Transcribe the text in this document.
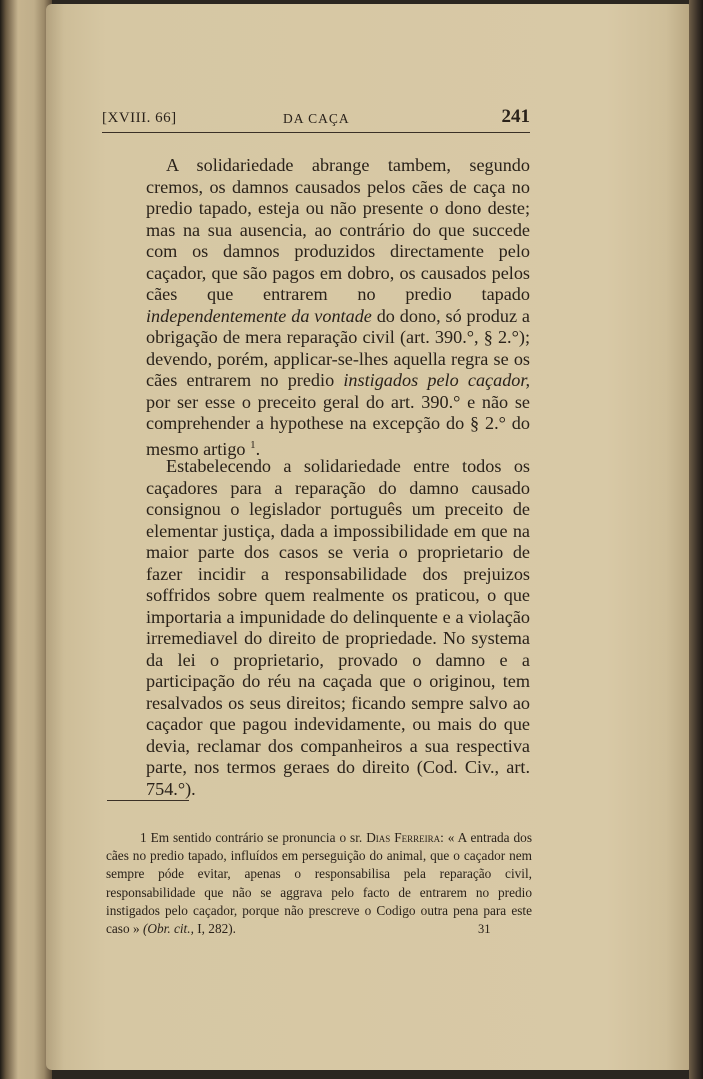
[XVIII. 66]	DA CAÇA	241

A solidariedade abrange tambem, segundo cremos, os damnos causados pelos cães de caça no predio tapado, esteja ou não presente o dono deste; mas na sua ausencia, ao contrário do que succede com os damnos produzidos directamente pelo caçador, que são pagos em dobro, os causados pelos cães que entrarem no predio tapado independentemente da vontade do dono, só produz a obrigação de mera reparação civil (art. 390.°, § 2.°); devendo, porém, applicar-se-lhes aquella regra se os cães entrarem no predio instigados pelo caçador, por ser esse o preceito geral do art. 390.° e não se comprehender a hypothese na excepção do § 2.° do mesmo artigo $^1$.

Estabelecendo a solidariedade entre todos os caçadores para a reparação do damno causado consignou o legislador português um preceito de elementar justiça, dada a impossibilidade em que na maior parte dos casos se veria o proprietario de fazer incidir a responsabilidade dos prejuizos soffridos sobre quem realmente os praticou, o que importaria a impunidade do delinquente e a violação irremediavel do direito de propriedade. No systema da lei o proprietario, provado o damno e a participação do réu na caçada que o originou, tem resalvados os seus direitos; ficando sempre salvo ao caçador que pagou indevidamente, ou mais do que devia, reclamar dos companheiros a sua respectiva parte, nos termos geraes do direito (Cod. Civ., art. 754.°).

1 Em sentido contrário se pronuncia o sr. Dias Ferreira: « A entrada dos cães no predio tapado, influídos em perseguição do animal, que o caçador nem sempre póde evitar, apenas o responsabilisa pela reparação civil, responsabilidade que não se aggrava pelo facto de entrarem no predio instigados pelo caçador, porque não prescreve o Codigo outra pena para este caso » (Obr. cit., I, 282).	31
